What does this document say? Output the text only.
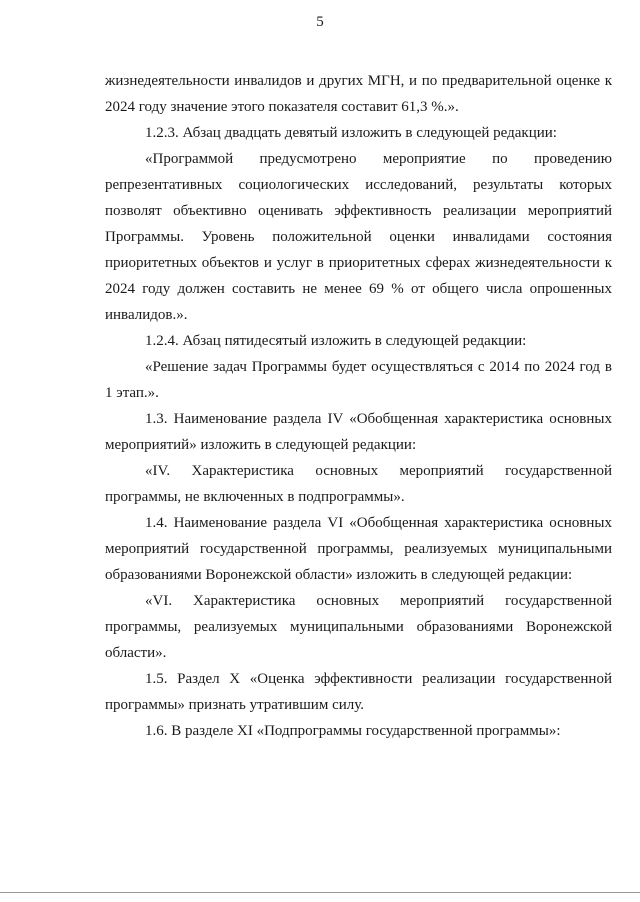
5

жизнедеятельности инвалидов и других МГН, и по предварительной оценке к 2024 году значение этого показателя составит 61,3 %.».

1.2.3. Абзац двадцать девятый изложить в следующей редакции:

«Программой предусмотрено мероприятие по проведению репрезентативных социологических исследований, результаты которых позволят объективно оценивать эффективность реализации мероприятий Программы. Уровень положительной оценки инвалидами состояния приоритетных объектов и услуг в приоритетных сферах жизнедеятельности к 2024 году должен составить не менее 69 % от общего числа опрошенных инвалидов.».

1.2.4. Абзац пятидесятый изложить в следующей редакции:

«Решение задач Программы будет осуществляться с 2014 по 2024 год в 1 этап.».

1.3. Наименование раздела IV «Обобщенная характеристика основных мероприятий» изложить в следующей редакции:

«IV. Характеристика основных мероприятий государственной программы, не включенных в подпрограммы».

1.4. Наименование раздела VI «Обобщенная характеристика основных мероприятий государственной программы, реализуемых муниципальными образованиями Воронежской области» изложить в следующей редакции:

«VI. Характеристика основных мероприятий государственной программы, реализуемых муниципальными образованиями Воронежской области».

1.5. Раздел X «Оценка эффективности реализации государственной программы» признать утратившим силу.

1.6. В разделе XI «Подпрограммы государственной программы»:
